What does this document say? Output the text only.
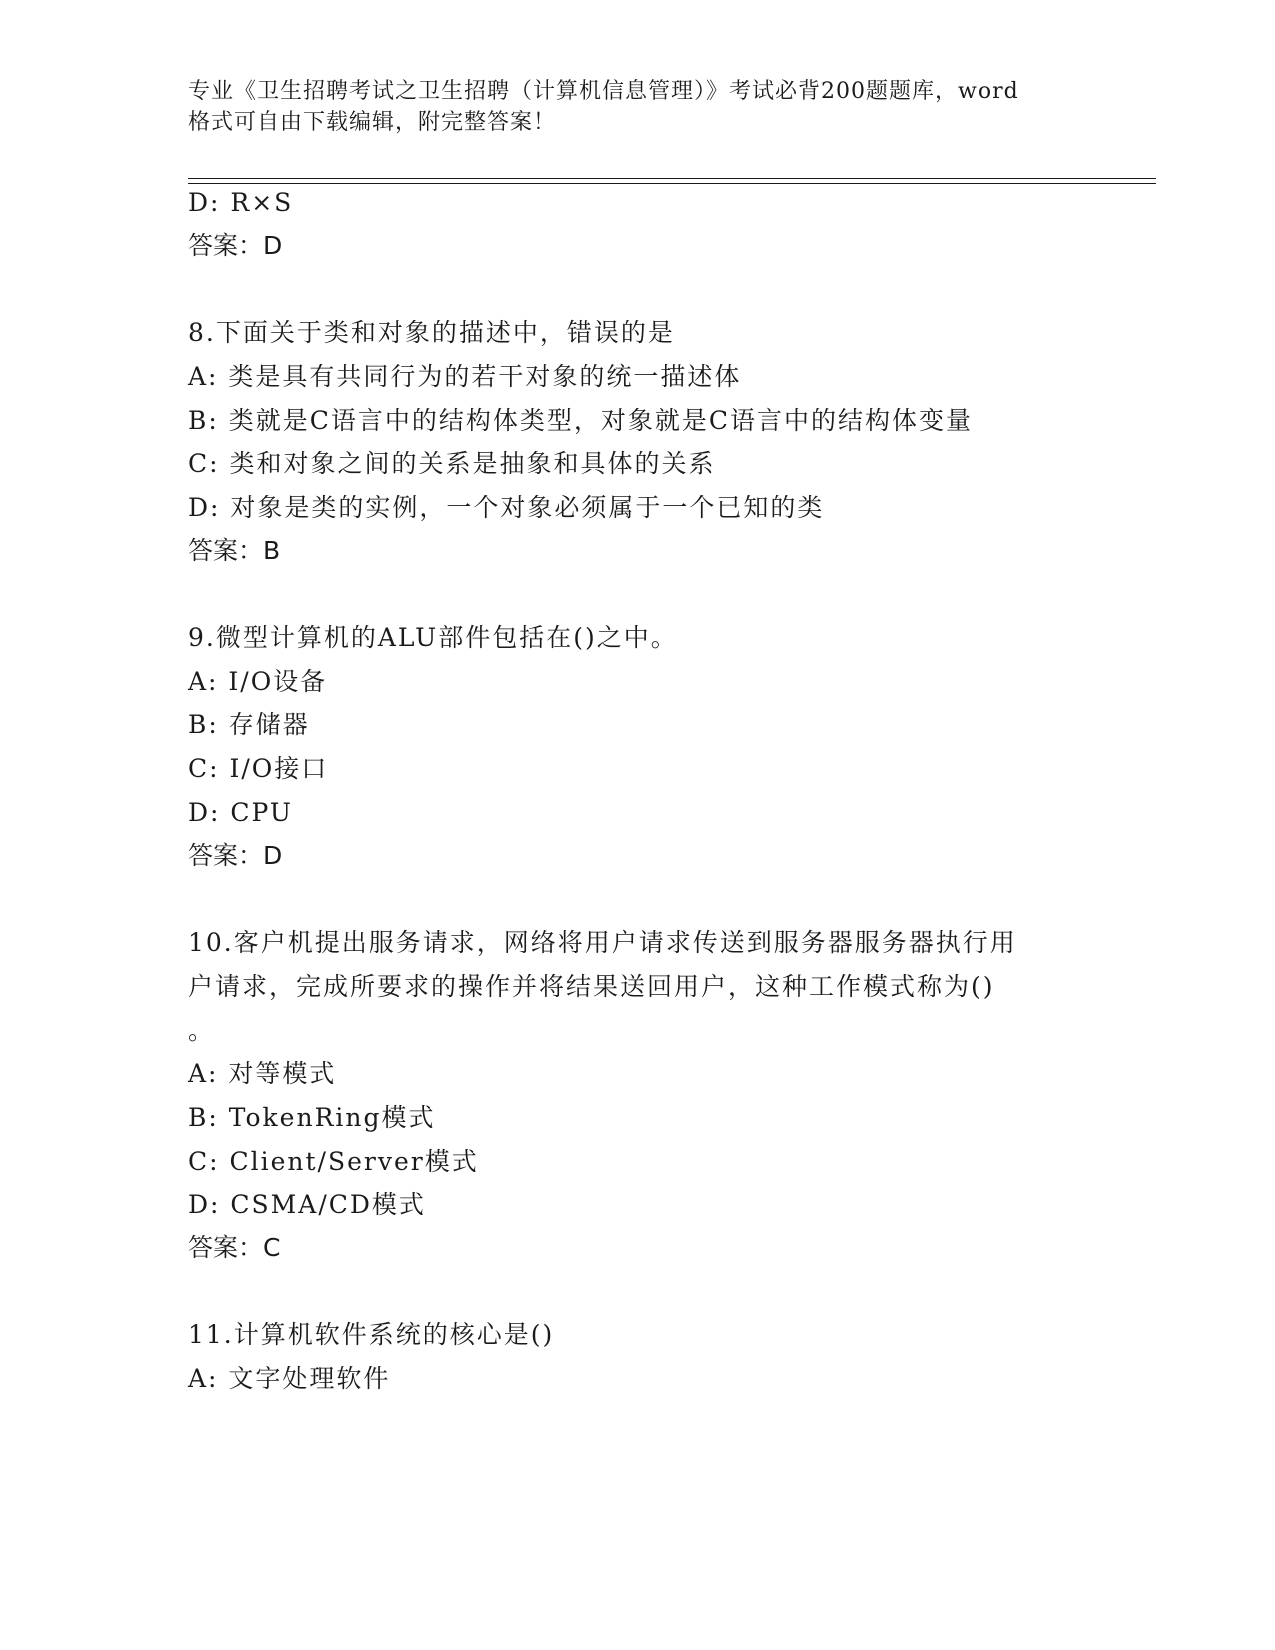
专业《卫生招聘考试之卫生招聘（计算机信息管理）》考试必背200题题库，word
格式可自由下载编辑，附完整答案！
D: R×S
答案：D
8.下面关于类和对象的描述中，错误的是
A: 类是具有共同行为的若干对象的统一描述体
B: 类就是C语言中的结构体类型，对象就是C语言中的结构体变量
C: 类和对象之间的关系是抽象和具体的关系
D: 对象是类的实例，一个对象必须属于一个已知的类
答案：B
9.微型计算机的ALU部件包括在()之中。
A: I/O设备
B: 存储器
C: I/O接口
D: CPU
答案：D
10.客户机提出服务请求，网络将用户请求传送到服务器服务器执行用
户请求，完成所要求的操作并将结果送回用户，这种工作模式称为()
。
A: 对等模式
B: TokenRing模式
C: Client/Server模式
D: CSMA/CD模式
答案：C
11.计算机软件系统的核心是()
A: 文字处理软件
